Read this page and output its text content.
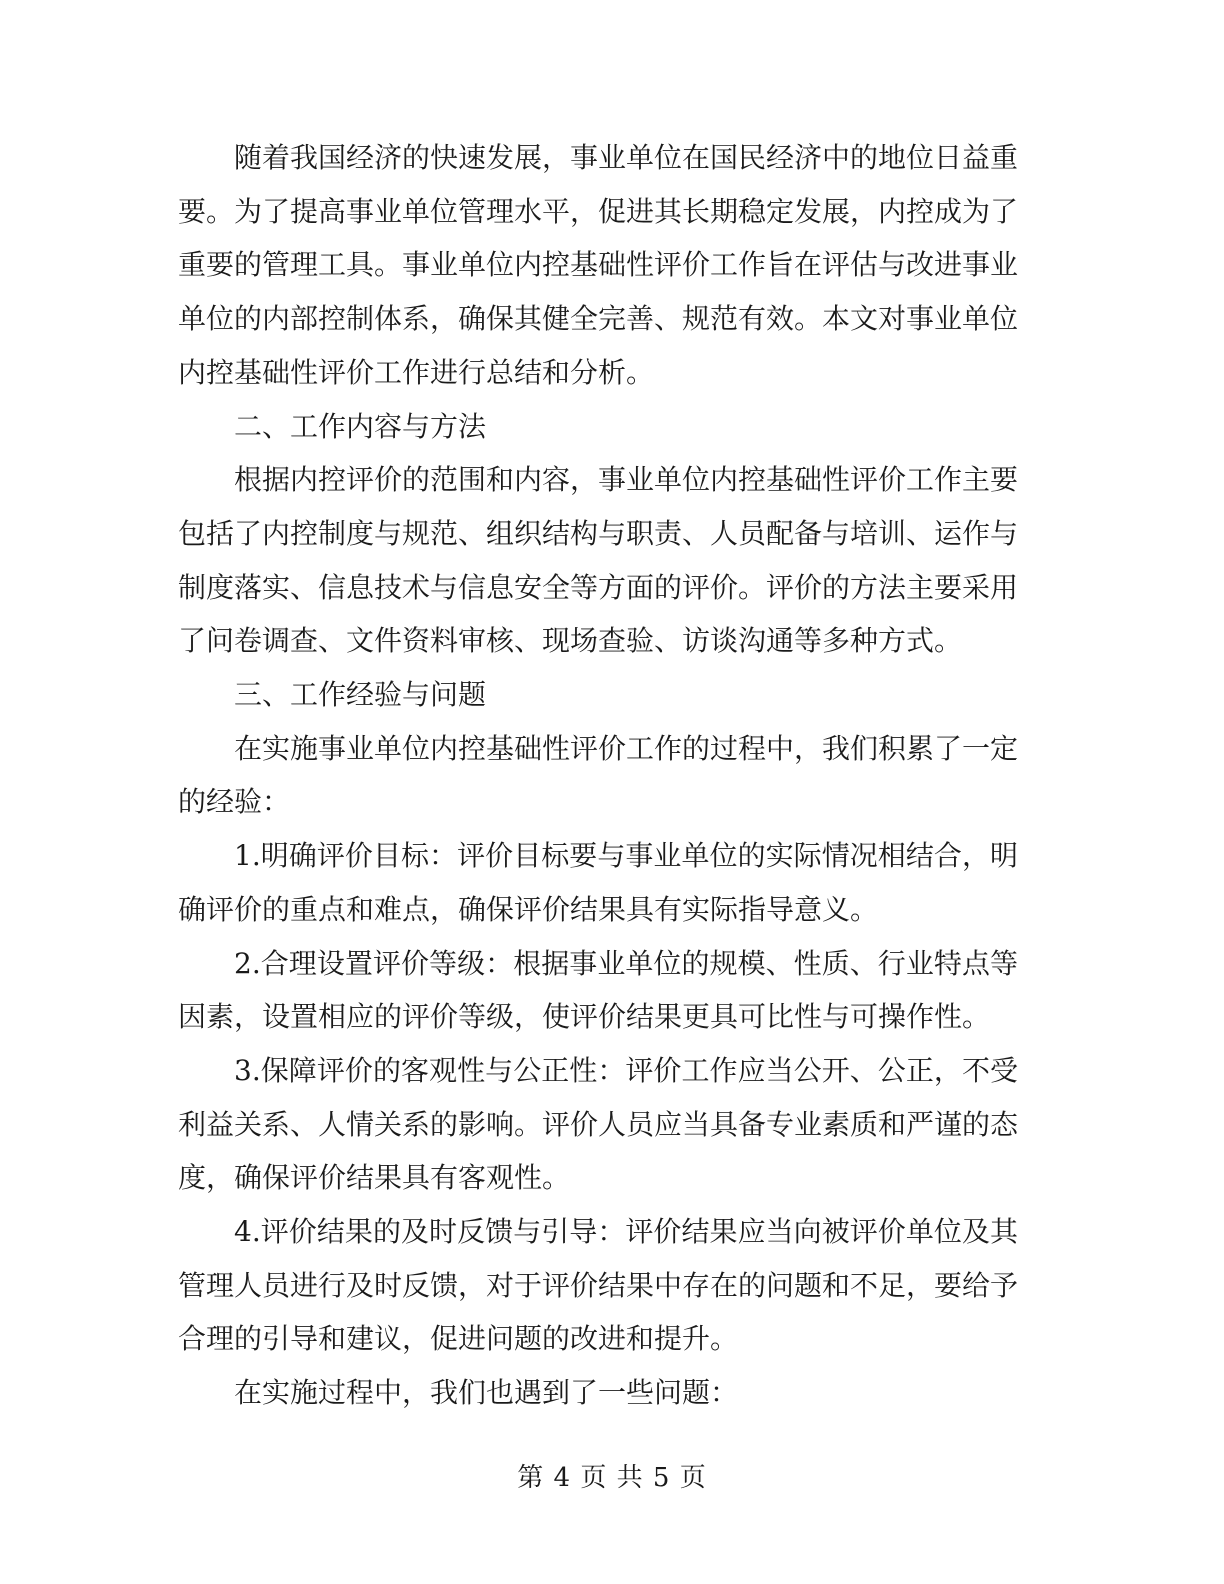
随着我国经济的快速发展，事业单位在国民经济中的地位日益重要。为了提高事业单位管理水平，促进其长期稳定发展，内控成为了重要的管理工具。事业单位内控基础性评价工作旨在评估与改进事业单位的内部控制体系，确保其健全完善、规范有效。本文对事业单位内控基础性评价工作进行总结和分析。

二、工作内容与方法

根据内控评价的范围和内容，事业单位内控基础性评价工作主要包括了内控制度与规范、组织结构与职责、人员配备与培训、运作与制度落实、信息技术与信息安全等方面的评价。评价的方法主要采用了问卷调查、文件资料审核、现场查验、访谈沟通等多种方式。

三、工作经验与问题

在实施事业单位内控基础性评价工作的过程中，我们积累了一定的经验：

1.明确评价目标：评价目标要与事业单位的实际情况相结合，明确评价的重点和难点，确保评价结果具有实际指导意义。

2.合理设置评价等级：根据事业单位的规模、性质、行业特点等因素，设置相应的评价等级，使评价结果更具可比性与可操作性。

3.保障评价的客观性与公正性：评价工作应当公开、公正，不受利益关系、人情关系的影响。评价人员应当具备专业素质和严谨的态度，确保评价结果具有客观性。

4.评价结果的及时反馈与引导：评价结果应当向被评价单位及其管理人员进行及时反馈，对于评价结果中存在的问题和不足，要给予合理的引导和建议，促进问题的改进和提升。

在实施过程中，我们也遇到了一些问题：

第 4 页 共 5 页
